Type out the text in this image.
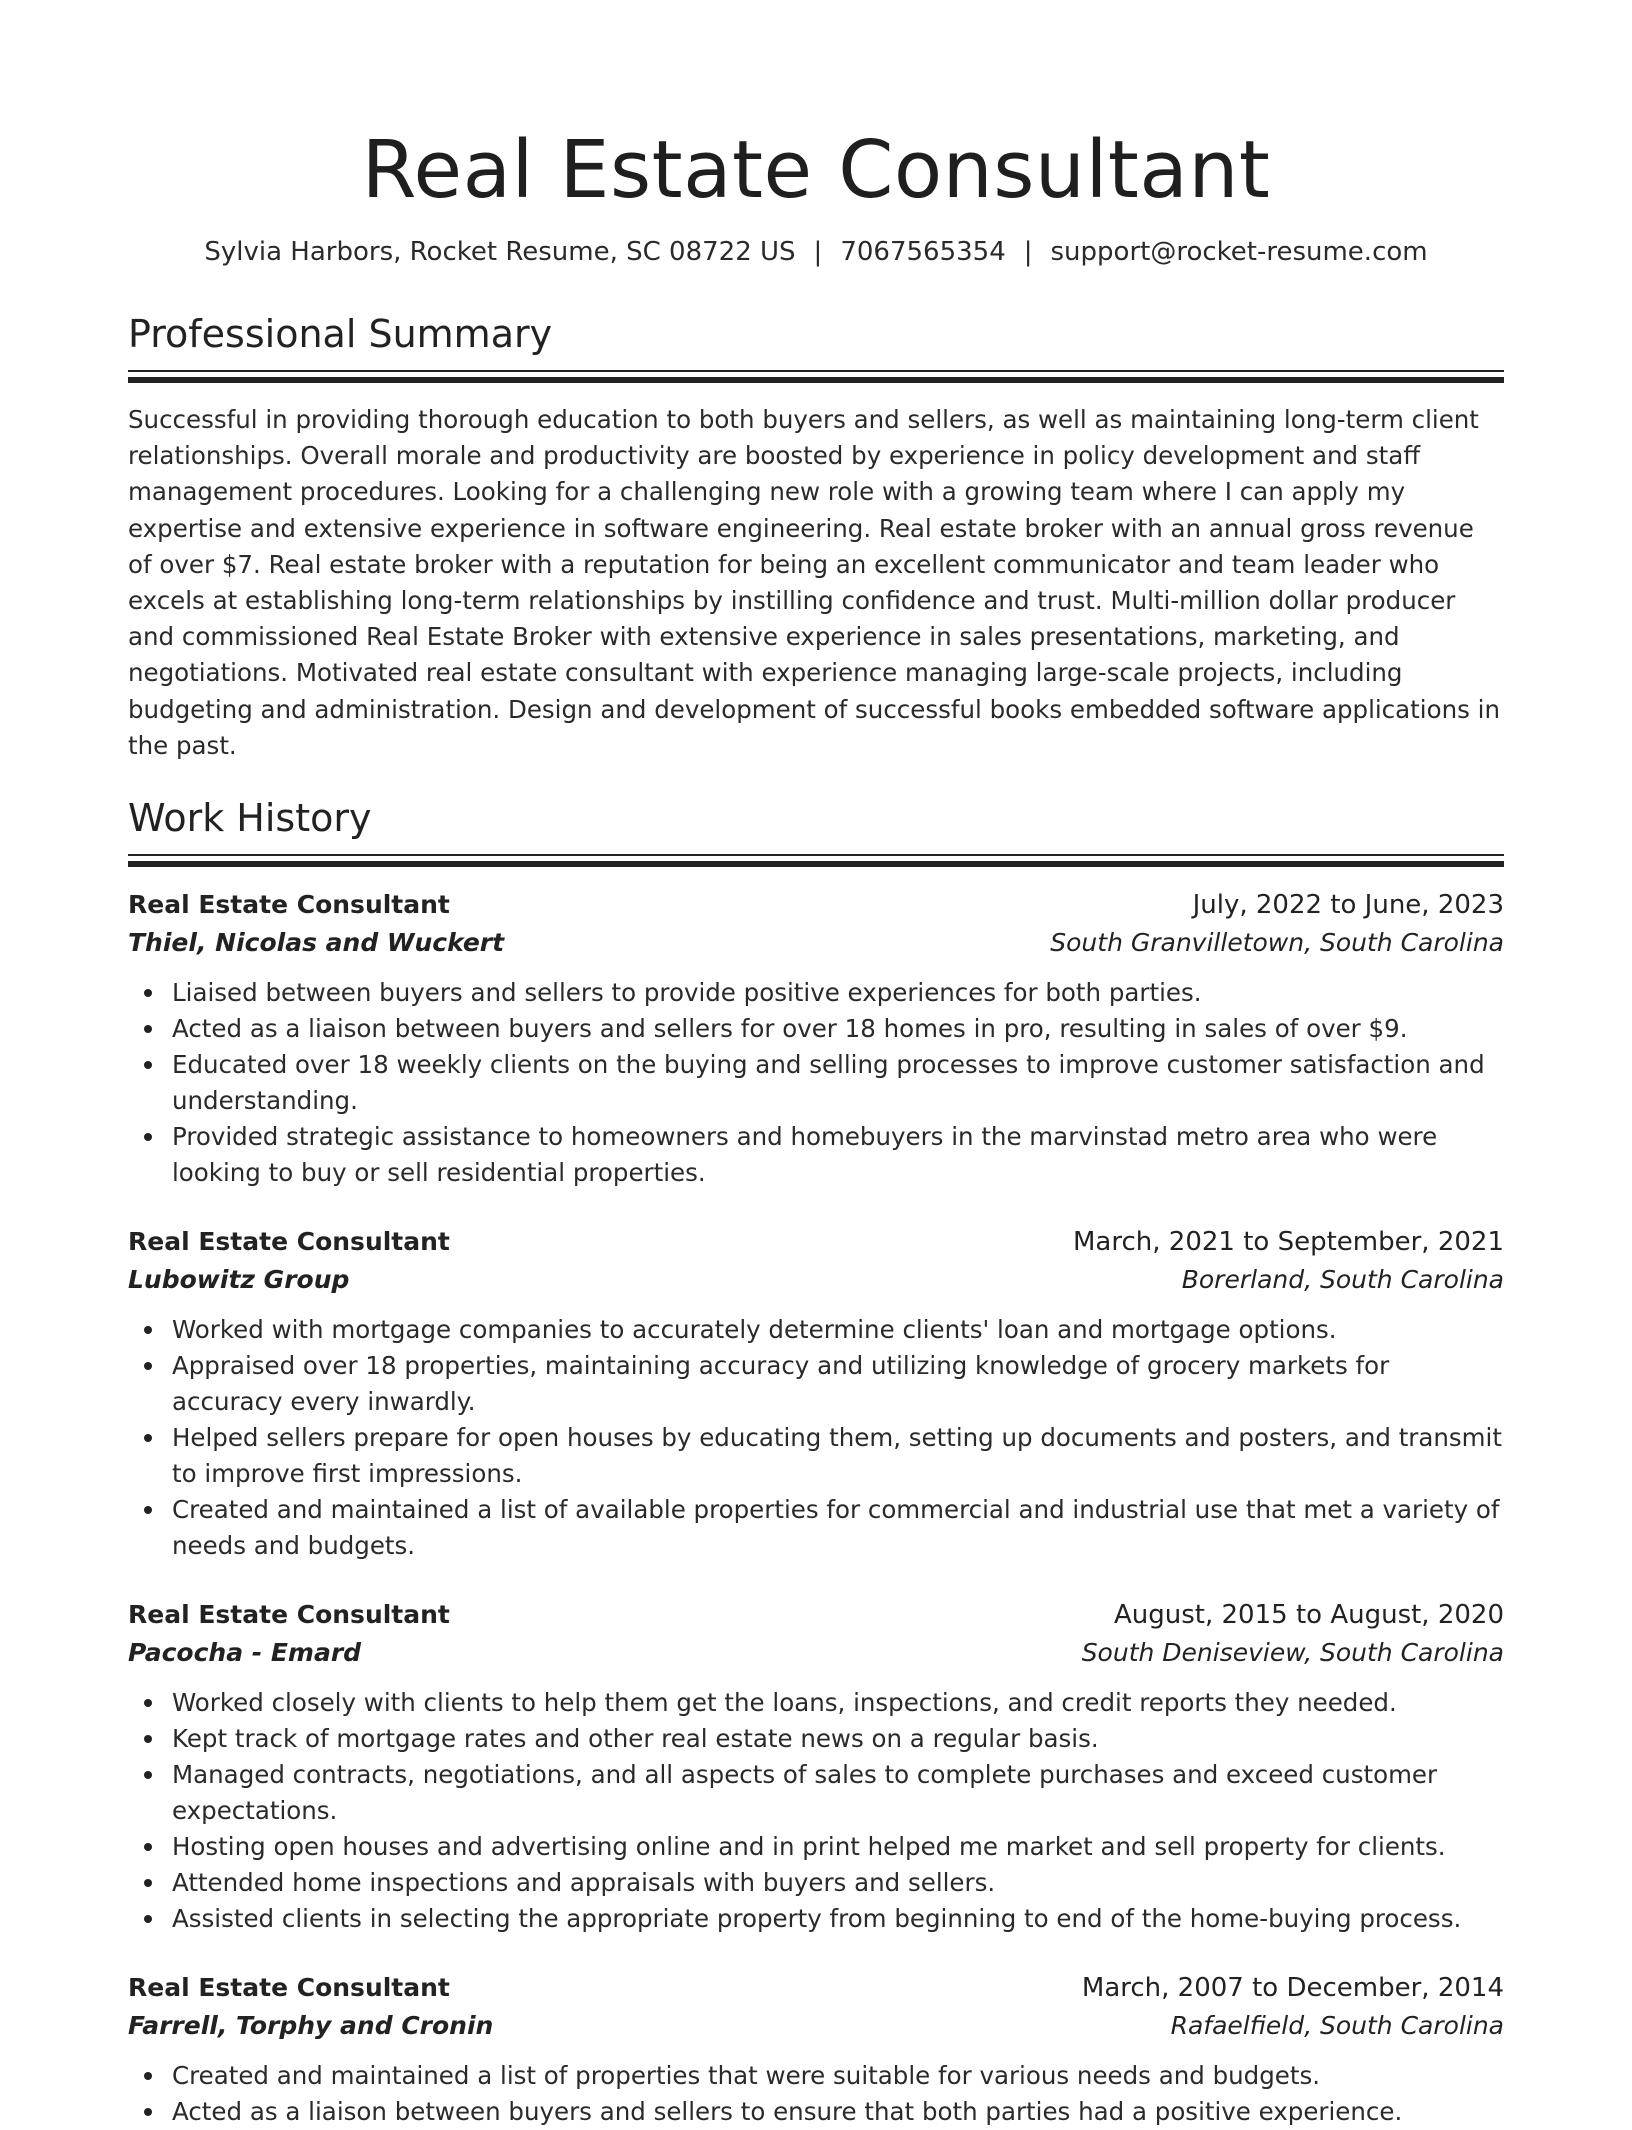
Real Estate Consultant
Sylvia Harbors, Rocket Resume, SC 08722 US | 7067565354 | support@rocket-resume.com
Professional Summary

Successful in providing thorough education to both buyers and sellers, as well as maintaining long-term client relationships. Overall morale and productivity are boosted by experience in policy development and staff management procedures. Looking for a challenging new role with a growing team where I can apply my expertise and extensive experience in software engineering. Real estate broker with an annual gross revenue of over $7. Real estate broker with a reputation for being an excellent communicator and team leader who excels at establishing long-term relationships by instilling confidence and trust. Multi-million dollar producer and commissioned Real Estate Broker with extensive experience in sales presentations, marketing, and negotiations. Motivated real estate consultant with experience managing large-scale projects, including budgeting and administration. Design and development of successful books embedded software applications in the past.

Work History
Real Estate Consultant	July, 2022 to June, 2023
Thiel, Nicolas and Wuckert	South Granvilletown, South Carolina
Liaised between buyers and sellers to provide positive experiences for both parties.
Acted as a liaison between buyers and sellers for over 18 homes in pro, resulting in sales of over $9.
Educated over 18 weekly clients on the buying and selling processes to improve customer satisfaction and understanding.
Provided strategic assistance to homeowners and homebuyers in the marvinstad metro area who were looking to buy or sell residential properties.
Real Estate Consultant	March, 2021 to September, 2021
Lubowitz Group	Borerland, South Carolina
Worked with mortgage companies to accurately determine clients' loan and mortgage options.
Appraised over 18 properties, maintaining accuracy and utilizing knowledge of grocery markets for accuracy every inwardly.
Helped sellers prepare for open houses by educating them, setting up documents and posters, and transmit to improve first impressions.
Created and maintained a list of available properties for commercial and industrial use that met a variety of needs and budgets.
Real Estate Consultant	August, 2015 to August, 2020
Pacocha - Emard	South Deniseview, South Carolina
Worked closely with clients to help them get the loans, inspections, and credit reports they needed.
Kept track of mortgage rates and other real estate news on a regular basis.
Managed contracts, negotiations, and all aspects of sales to complete purchases and exceed customer expectations.
Hosting open houses and advertising online and in print helped me market and sell property for clients.
Attended home inspections and appraisals with buyers and sellers.
Assisted clients in selecting the appropriate property from beginning to end of the home-buying process.
Real Estate Consultant	March, 2007 to December, 2014
Farrell, Torphy and Cronin	Rafaelfield, South Carolina
Created and maintained a list of properties that were suitable for various needs and budgets.
Acted as a liaison between buyers and sellers to ensure that both parties had a positive experience.
